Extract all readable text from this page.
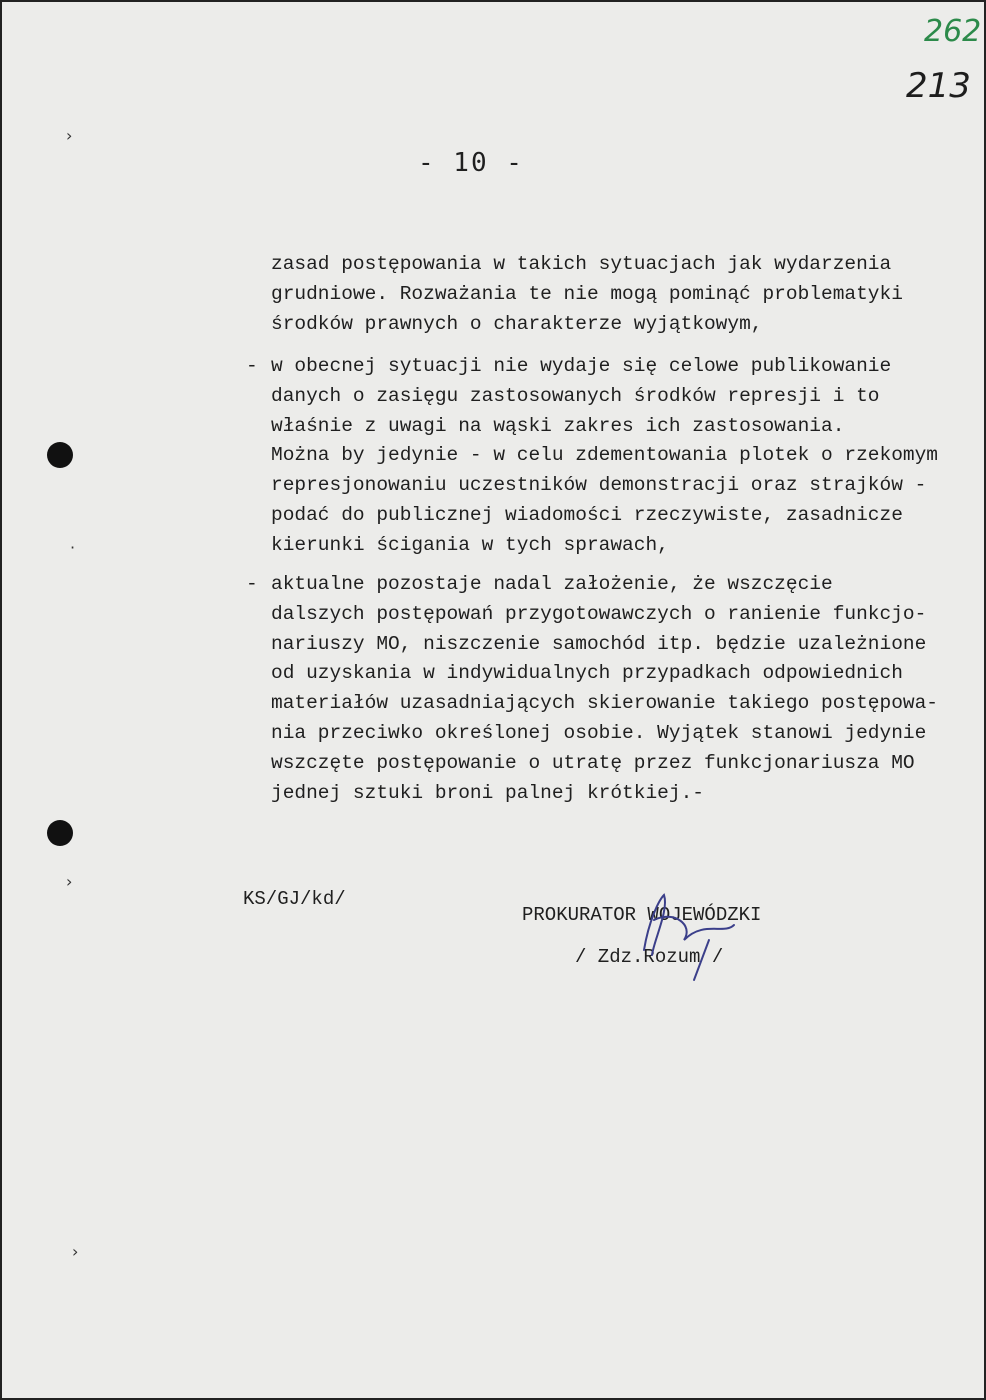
262
213
- 10 -
zasad postępowania w takich sytuacjach jak wydarzenia
grudniowe. Rozważania te nie mogą pominąć problematyki
środków prawnych o charakterze wyjątkowym,
- w obecnej sytuacji nie wydaje się celowe publikowanie
danych o zasięgu zastosowanych środków represji i to
właśnie z uwagi na wąski zakres ich zastosowania.
Można by jedynie - w celu zdementowania plotek o rzekomym
represjonowaniu uczestników demonstracji oraz strajków -
podać do publicznej wiadomości rzeczywiste, zasadnicze
kierunki ścigania w tych sprawach,
- aktualne pozostaje nadal założenie, że wszczęcie
dalszych postępowań przygotowawczych o ranienie funkcjo-
nariuszy MO, niszczenie samochód itp. będzie uzależnione
od uzyskania w indywidualnych przypadkach odpowiednich
materiałów uzasadniających skierowanie takiego postępowa-
nia przeciwko określonej osobie. Wyjątek stanowi jedynie
wszczęte postępowanie o utratę przez funkcjonariusza MO
jednej sztuki broni palnej krótkiej.-
KS/GJ/kd/
PROKURATOR WOJEWÓDZKI
/ Zdz.Rozum /
›
·
›
›
